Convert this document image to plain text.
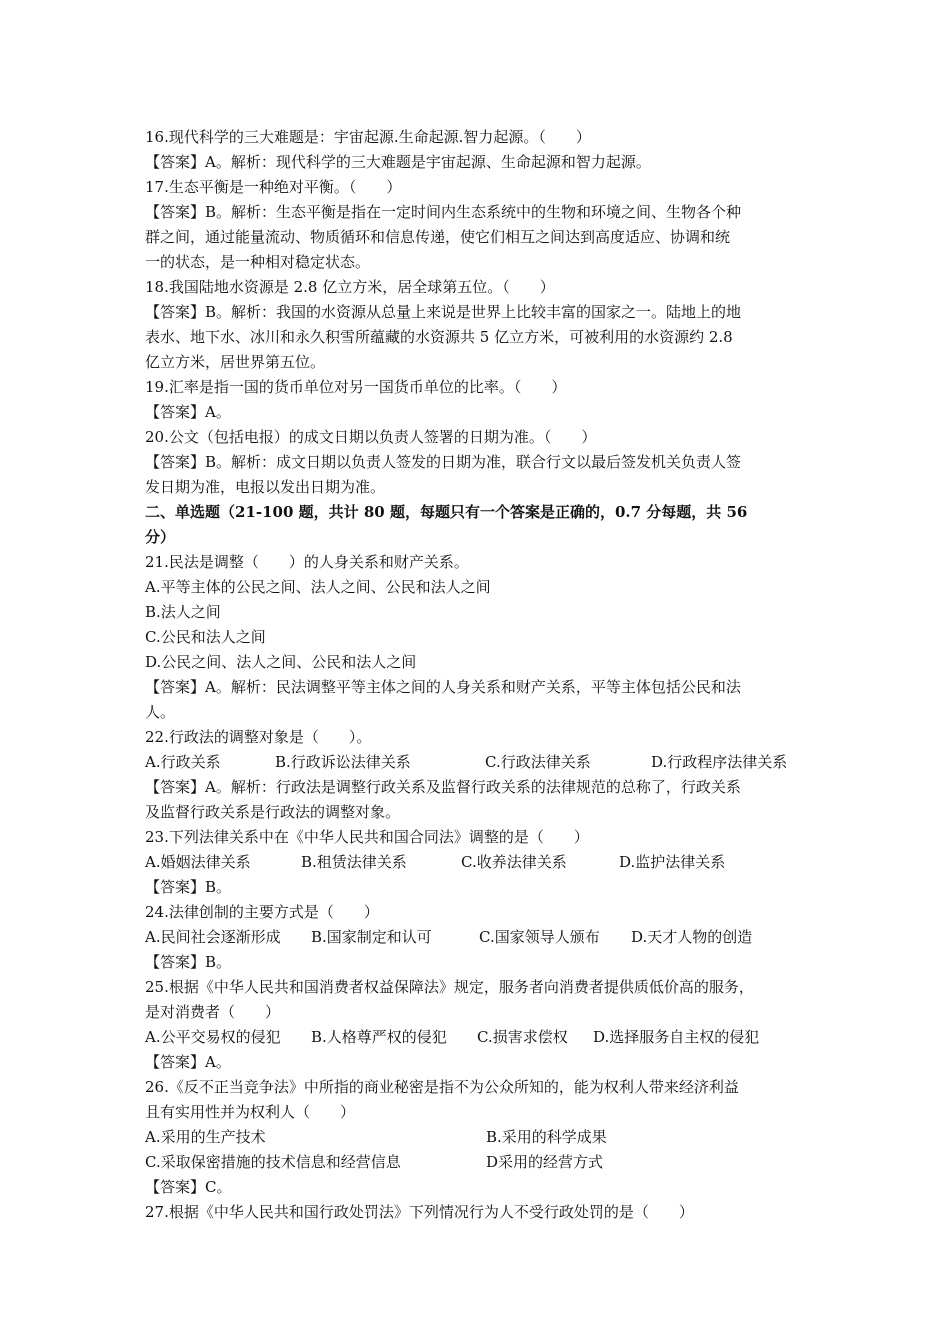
16.现代科学的三大难题是：宇宙起源.生命起源.智力起源。（　　）
【答案】A。解析：现代科学的三大难题是宇宙起源、生命起源和智力起源。
17.生态平衡是一种绝对平衡。（　　）
【答案】B。解析：生态平衡是指在一定时间内生态系统中的生物和环境之间、生物各个种
群之间，通过能量流动、物质循环和信息传递，使它们相互之间达到高度适应、协调和统
一的状态，是一种相对稳定状态。
18.我国陆地水资源是 2.8 亿立方米，居全球第五位。（　　）
【答案】B。解析：我国的水资源从总量上来说是世界上比较丰富的国家之一。陆地上的地
表水、地下水、冰川和永久积雪所蕴藏的水资源共 5 亿立方米，可被利用的水资源约 2.8
亿立方米，居世界第五位。
19.汇率是指一国的货币单位对另一国货币单位的比率。（　　）
【答案】A。
20.公文（包括电报）的成文日期以负责人签署的日期为准。（　　）
【答案】B。解析：成文日期以负责人签发的日期为准，联合行文以最后签发机关负责人签
发日期为准，电报以发出日期为准。
二、单选题（21-100 题，共计 80 题，每题只有一个答案是正确的，0.7 分每题，共 56
分）
21.民法是调整（　　）的人身关系和财产关系。
A.平等主体的公民之间、法人之间、公民和法人之间
B.法人之间
C.公民和法人之间
D.公民之间、法人之间、公民和法人之间
【答案】A。解析：民法调整平等主体之间的人身关系和财产关系，平等主体包括公民和法
人。
22.行政法的调整对象是（　　）。
A.行政关系	B.行政诉讼法律关系	C.行政法律关系	D.行政程序法律关系
【答案】A。解析：行政法是调整行政关系及监督行政关系的法律规范的总称了，行政关系
及监督行政关系是行政法的调整对象。
23.下列法律关系中在《中华人民共和国合同法》调整的是（　　）
A.婚姻法律关系	B.租赁法律关系	C.收养法律关系	D.监护法律关系
【答案】B。
24.法律创制的主要方式是（　　）
A.民间社会逐渐形成	B.国家制定和认可	C.国家领导人颁布	D.天才人物的创造
【答案】B。
25.根据《中华人民共和国消费者权益保障法》规定，服务者向消费者提供质低价高的服务，
是对消费者（　　）
A.公平交易权的侵犯	B.人格尊严权的侵犯	C.损害求偿权	D.选择服务自主权的侵犯
【答案】A。
26.《反不正当竞争法》中所指的商业秘密是指不为公众所知的，能为权利人带来经济利益
且有实用性并为权利人（　　）
A.采用的生产技术	B.采用的科学成果
C.采取保密措施的技术信息和经营信息	D采用的经营方式
【答案】C。
27.根据《中华人民共和国行政处罚法》下列情况行为人不受行政处罚的是（　　）
